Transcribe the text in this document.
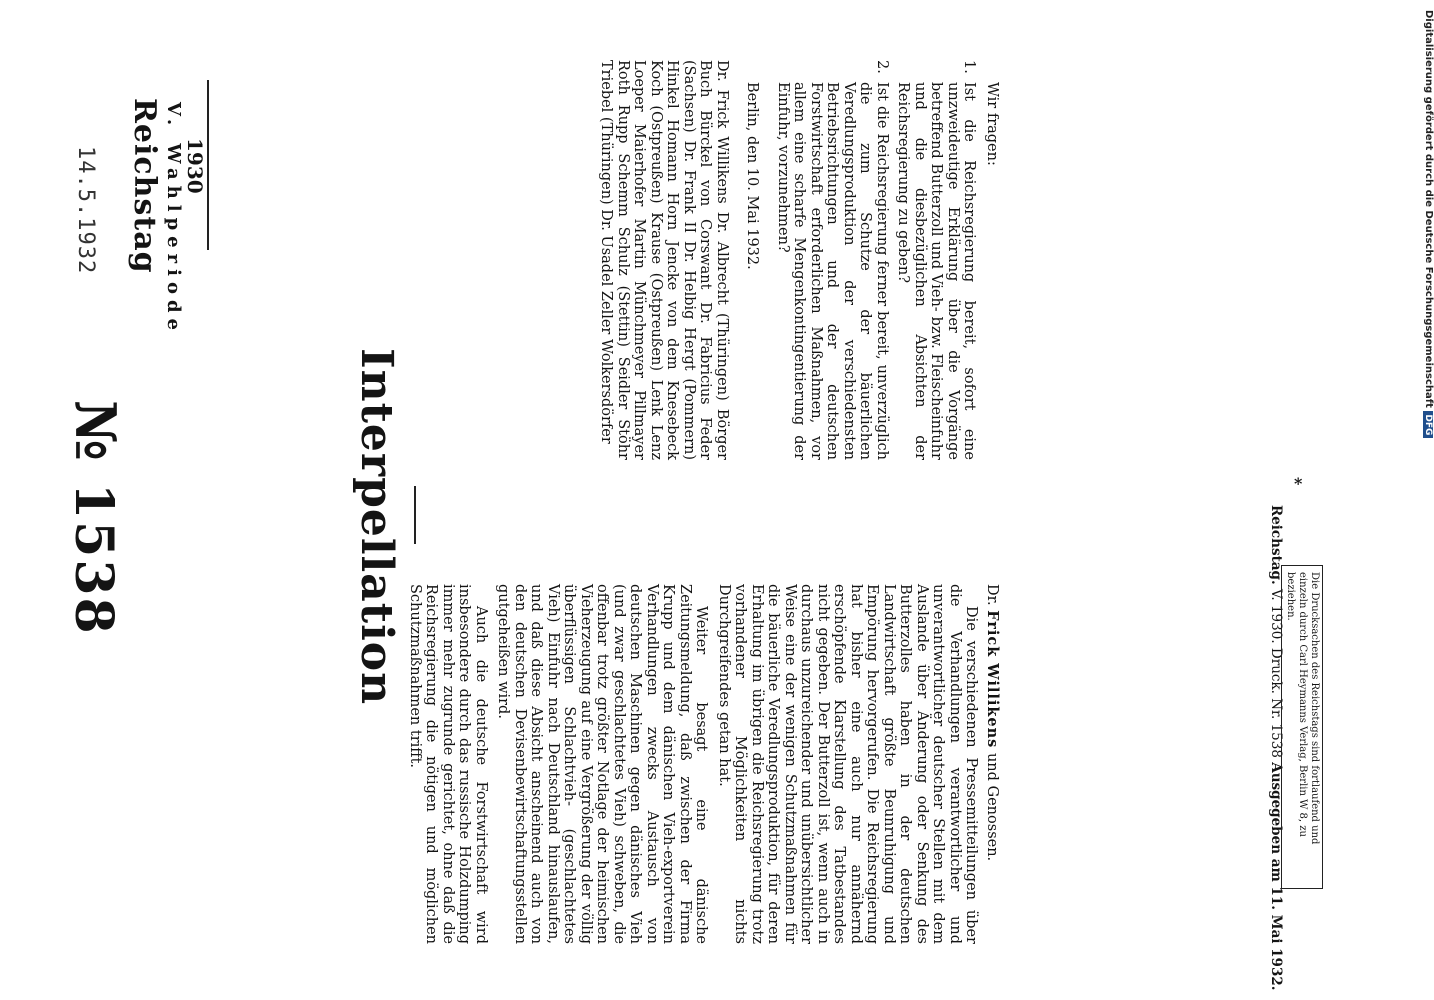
14.5.1932 Reichstag V. Wahlperiode 1930
№ 1538	Interpellation	Dr. Frick Willikens und Genossen.

Die verschiedenen Pressemitteilungen über die Verhandlungen verantwortlicher und unverantwortlicher deutscher Stellen mit dem Auslande über Änderung oder Senkung des Butterzolles haben in der deutschen Landwirtschaft größte Beunruhigung und Empörung hervorgerufen. Die Reichsregierung hat bisher eine auch nur annähernd erschöpfende Klarstellung des Tatbestandes nicht gegeben. Der Butterzoll ist, wenn auch in durchaus unzureichender und unübersichtlicher Weise eine der wenigen Schutzmaßnahmen für die bäuerliche Veredlungsproduktion, für deren Erhaltung im übrigen die Reichsregierung trotz vorhandener Möglichkeiten nichts Durchgreifendes getan hat.

Weiter besagt eine dänische Zeitungsmeldung, daß zwischen der Firma Krupp und dem dänischen Vieh-exportverein Verhandlungen zwecks Austausch von deutschen Maschinen gegen dänisches Vieh (und zwar geschlachtetes Vieh) schweben, die offenbar trotz größter Notlage der heimischen Vieherzeugung auf eine Vergrößerung der völlig überflüssigen Schlachtvieh- (geschlachtetes Vieh) Einfuhr nach Deutschland hinauslaufen, und daß diese Absicht anscheinend auch von den deutschen Devisenbewirtschaftungsstellen gutgeheißen wird.

Auch die deutsche Forstwirtschaft wird insbesondere durch das russische Holzdumping immer mehr zugrunde gerichtet, ohne daß die Reichsregierung die nötigen und möglichen Schutzmaßnahmen trifft.

Wir fragen:

1.
Ist die Reichsregierung bereit, sofort eine unzweideutige Erklärung über die Vorgänge betreffend Butterzoll und Vieh- bzw. Fleischeinfuhr und die diesbezüglichen Absichten der Reichsregierung zu geben?
2.
Ist die Reichsregierung ferner bereit, unverzüglich die zum Schutze der bäuerlichen Veredlungsproduktion der verschiedensten Betriebsrichtungen und der deutschen Forstwirtschaft erforderlichen Maßnahmen, vor allem eine scharfe Mengenkontingentierung der Einfuhr, vorzunehmen?

Berlin, den 10. Mai 1932.

Dr. Frick Willikens Dr. Albrecht (Thüringen) Börger Buch Bürckel von Corswant Dr. Fabricius Feder (Sachsen) Dr. Frank II Dr. Helbig Hergt (Pommern) Hinkel Homann Horn Jencke von dem Knesebeck Koch (Ostpreußen) Krause (Ostpreußen) Lenk Lenz Loeper Maierhofer Martin Münchmeyer Pillmayer Roth Rupp Schemm Schulz (Stettin) Seidler Stöhr Triebel (Thüringen) Dr. Usadel Zeller Wolkersdörfer

Reichstag. V. 1930. Druck. Nr. 1538 Ausgegeben am 11. Mai 1932.
Die Drucksachen des Reichstags sind fortlaufend und einzeln durch Carl Heymanns Verlag, Berlin W 8, zu beziehen.
*
Digitalisierung gefördert durch die Deutsche Forschungsgemeinschaft DFG
